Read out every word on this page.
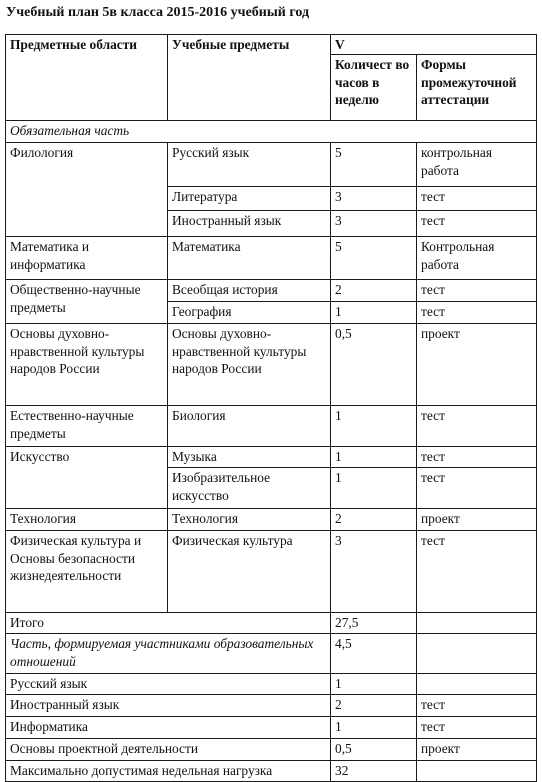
Учебный план 5в класса 2015-2016 учебный год
Предметные области	Учебные предметы	V	
		Количест во часов в неделю	Формы промежуточной аттестации
Обязательная часть			
Филология	Русский язык	5	контрольная работа
	Литература	3	тест
	Иностранный язык	3	тест
Математика и информатика	Математика	5	Контрольная работа
Общественно-научные предметы	Всеобщая история	2	тест
	География	1	тест
Основы духовно-нравственной культуры народов России	Основы духовно-нравственной культуры народов России	0,5	проект
Естественно-научные предметы	Биология	1	тест
Искусство	Музыка	1	тест
	Изобразительное искусство	1	тест
Технология	Технология	2	проект
Физическая культура и Основы безопасности жизнедеятельности	Физическая культура	3	тест
Итого		27,5	
Часть, формируемая участниками образовательных отношений		4,5	
Русский язык		1	
Иностранный язык		2	тест
Информатика		1	тест
Основы проектной деятельности		0,5	проект
Максимально допустимая недельная нагрузка		32	
